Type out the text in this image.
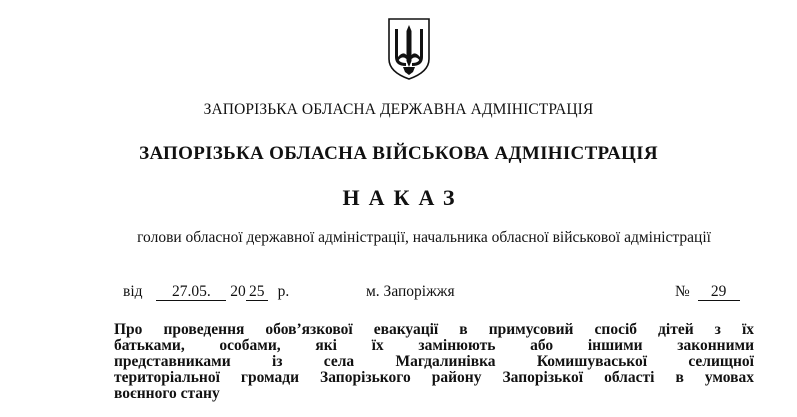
ЗАПОРІЗЬКА ОБЛАСНА ДЕРЖАВНА АДМІНІСТРАЦІЯ
ЗАПОРІЗЬКА ОБЛАСНА ВІЙСЬКОВА АДМІНІСТРАЦІЯ
НАКАЗ
голови обласної державної адміністрації, начальника обласної військової адміністрації
від 27.05. 20 25 р.	м. Запоріжжя	№ 29
Про проведення обов’язкової евакуації в примусовий спосіб дітей з їх
батьками, особами, які їх замінюють або іншими законними
представниками із села Магдалинівка Комишуваської селищної
територіальної громади Запорізького району Запорізької області в умовах
воєнного стану
